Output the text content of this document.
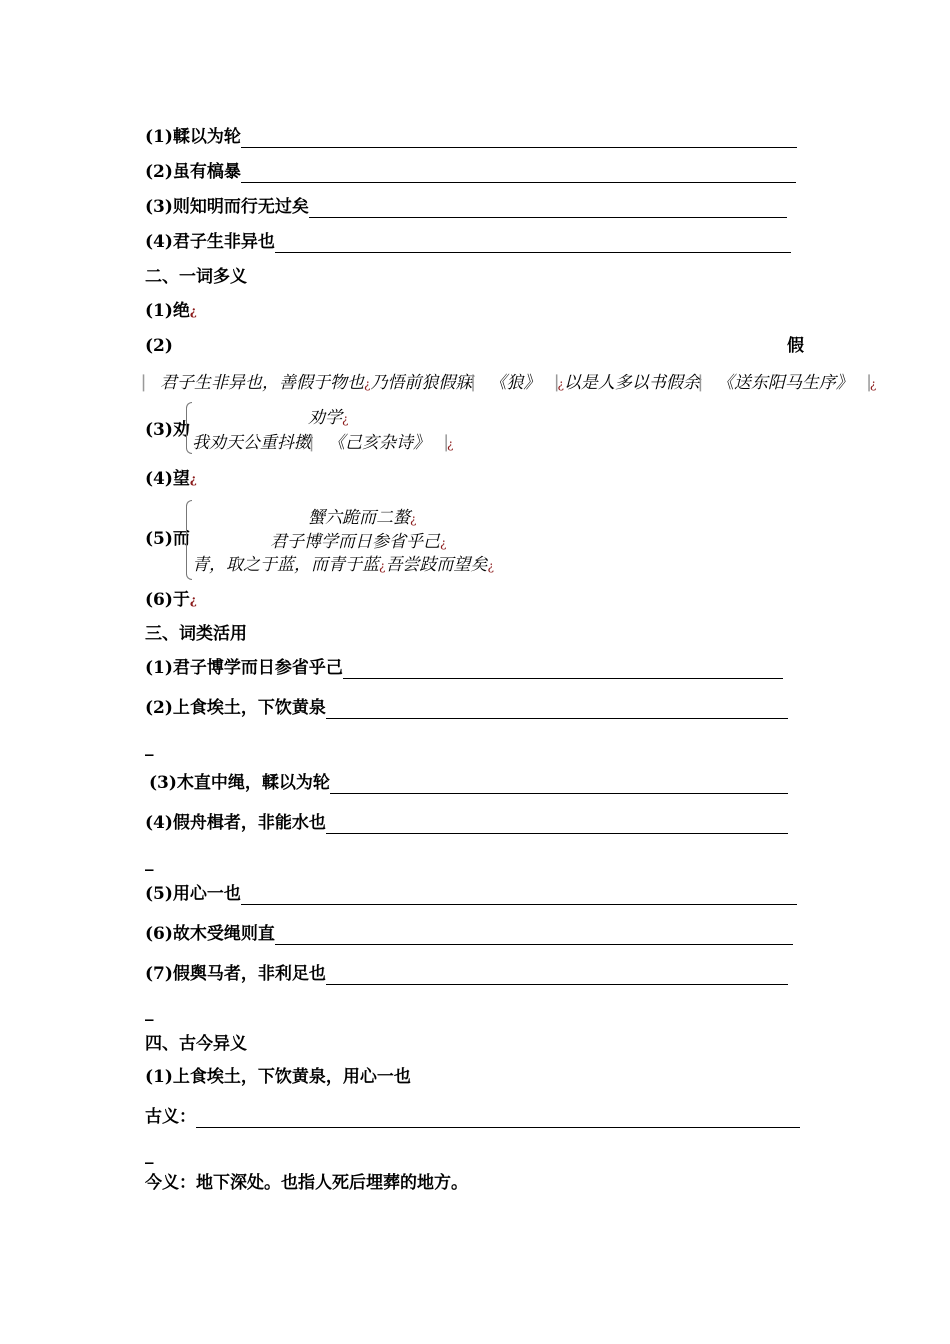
(1) 輮以为轮
(2) 虽有槁暴
(3) 则知明而行无过矣
(4) 君子生非异也
二、一词多义
(1) 绝 ¿
(2)	假
⎸君子生非异也，善假于物也¿乃悟前狼假寐⎸《狼》⎹¿以是人多以书假余⎸《送东阳马生序》⎹¿
(3) 劝
劝学¿
我劝天公重抖擞⎸《己亥杂诗》⎹¿
(4) 望 ¿
(5) 而
蟹六跪而二螯¿
君子博学而日参省乎己¿
青，取之于蓝，而青于蓝¿吾尝跂而望矣¿
(6) 于 ¿
三、词类活用
(1) 君子博学而日参省乎己
(2) 上食埃土，下饮黄泉
_
(3) 木直中绳，輮以为轮
(4) 假舟楫者，非能水也
_
(5) 用心一也
(6) 故木受绳则直
(7) 假舆马者，非利足也
_
四、古今异义
(1) 上食埃土，下饮黄泉，用心一也
古义：
_
今义： 地下深处。也指人死后埋葬的地方。
